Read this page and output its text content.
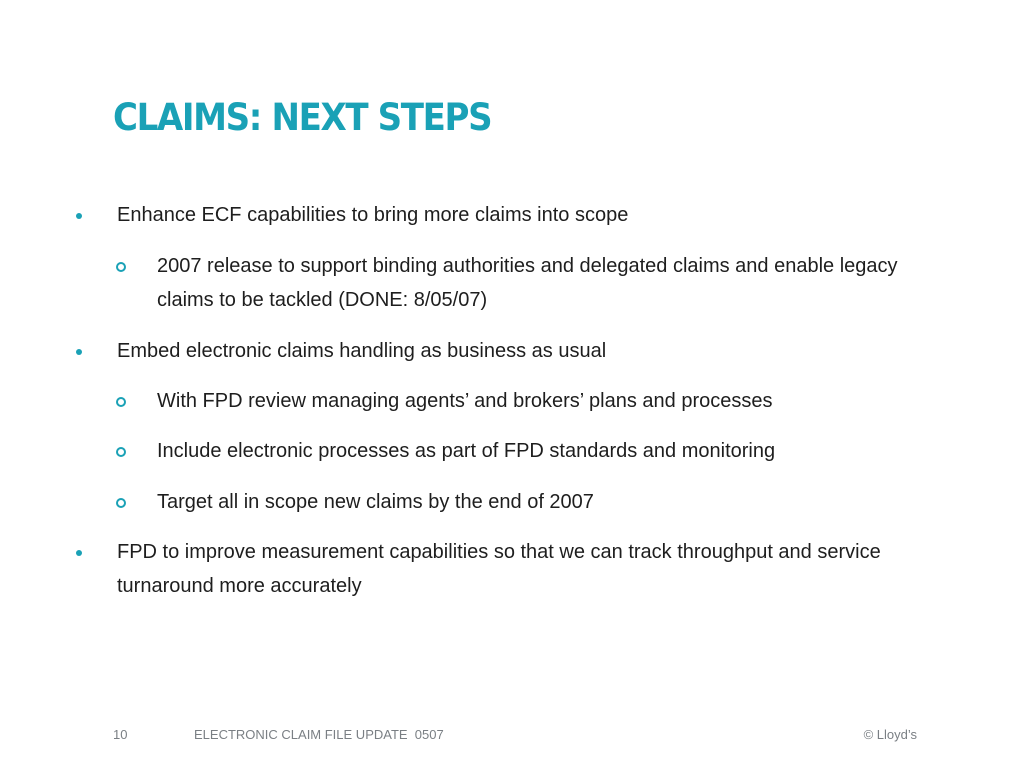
CLAIMS: NEXT STEPS
Enhance ECF capabilities to bring more claims into scope
2007 release to support binding authorities and delegated claims and enable legacy claims to be tackled (DONE: 8/05/07)
Embed electronic claims handling as business as usual
With FPD review managing agents’ and brokers’ plans and processes
Include electronic processes as part of FPD standards and monitoring
Target all in scope new claims by the end of 2007
FPD to improve measurement capabilities so that we can track throughput and service turnaround more accurately
10	ELECTRONIC CLAIM FILE UPDATE  0507	© Lloyd’s
